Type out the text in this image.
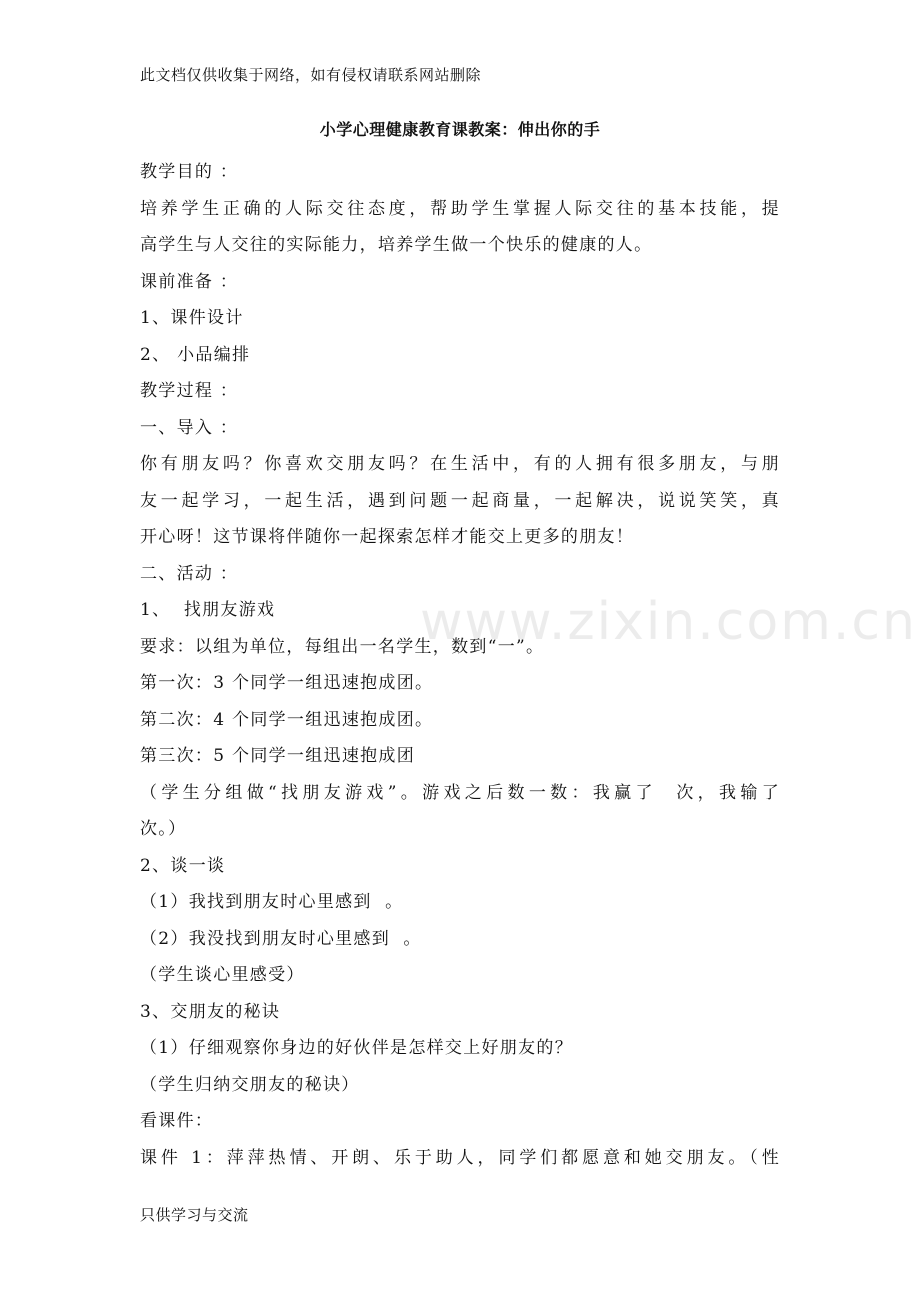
此文档仅供收集于网络，如有侵权请联系网站删除
小学心理健康教育课教案：伸出你的手
www.zixin.com.cn
教学目的 ：
培养学生正确的人际交往态度，帮助学生掌握人际交往的基本技能，提
高学生与人交往的实际能力，培养学生做一个快乐的健康的人。
课前准备 ：
1、课件设计
2、 小品编排
教学过程 ：
一、导入 ：
你有朋友吗？你喜欢交朋友吗？在生活中，有的人拥有很多朋友，与朋
友一起学习，一起生活，遇到问题一起商量，一起解决，说说笑笑，真
开心呀！这节课将伴随你一起探索怎样才能交上更多的朋友！
二、活动 ：
1、  找朋友游戏
要求：以组为单位，每组出一名学生，数到“一”。
第一次：3 个同学一组迅速抱成团。
第二次：4 个同学一组迅速抱成团。
第三次：5 个同学一组迅速抱成团
（学生分组做“找朋友游戏”。游戏之后数一数：我赢了  次，我输了
次。）
2、谈一谈
（1）我找到朋友时心里感到  。
（2）我没找到朋友时心里感到  。
（学生谈心里感受）
3、交朋友的秘诀
（1）仔细观察你身边的好伙伴是怎样交上好朋友的？
（学生归纳交朋友的秘诀）
看课件：
课件 1：萍萍热情、开朗、乐于助人，同学们都愿意和她交朋友。（性
只供学习与交流
